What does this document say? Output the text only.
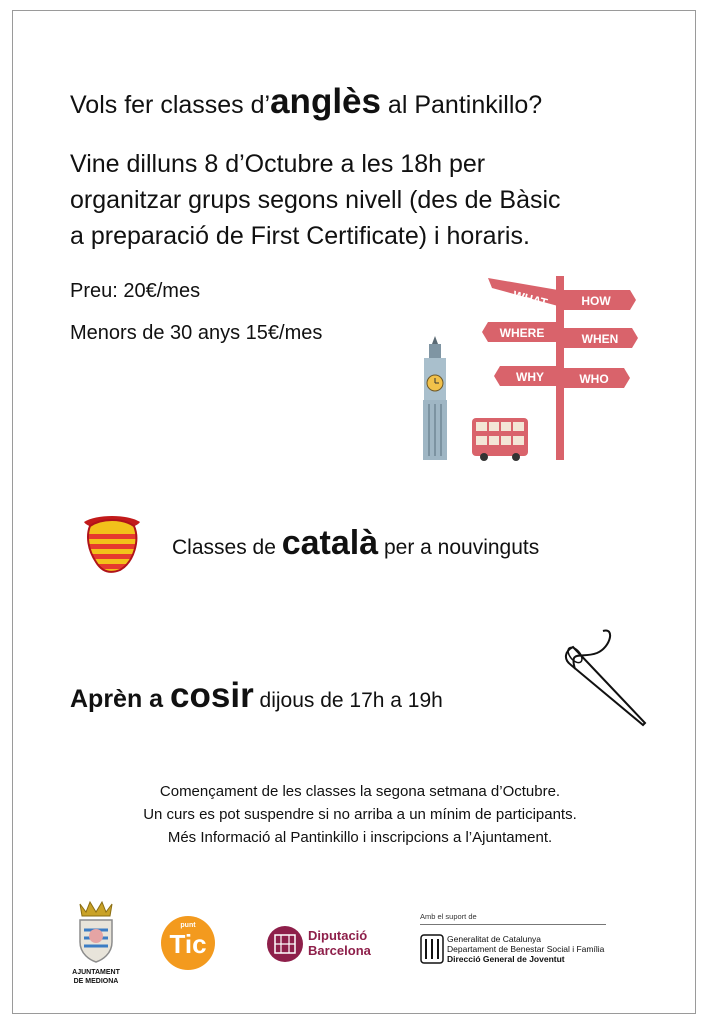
Vols fer classes d’anglès al Pantinkillo?
Vine dilluns 8 d’Octubre a les 18h per
organitzar grups segons nivell (des de Bàsic
a preparació de First Certificate) i horaris.
Preu: 20€/mes
Menors de 30 anys 15€/mes
WHAT
WHERE
WHY
HOW
WHEN
WHO
Classes de català per a nouvinguts
Aprèn a cosir dijous de 17h a 19h
Començament de les classes la segona setmana d’Octubre.
Un curs es pot suspendre si no arriba a un mínim de participants.
Més Informació al Pantinkillo i inscripcions a l’Ajuntament.
AJUNTAMENT
DE MEDIONA
punt
Tic	Diputació
Barcelona
Amb el suport de
Generalitat de Catalunya
Departament de Benestar Social i Família
Direcció General de Joventut
